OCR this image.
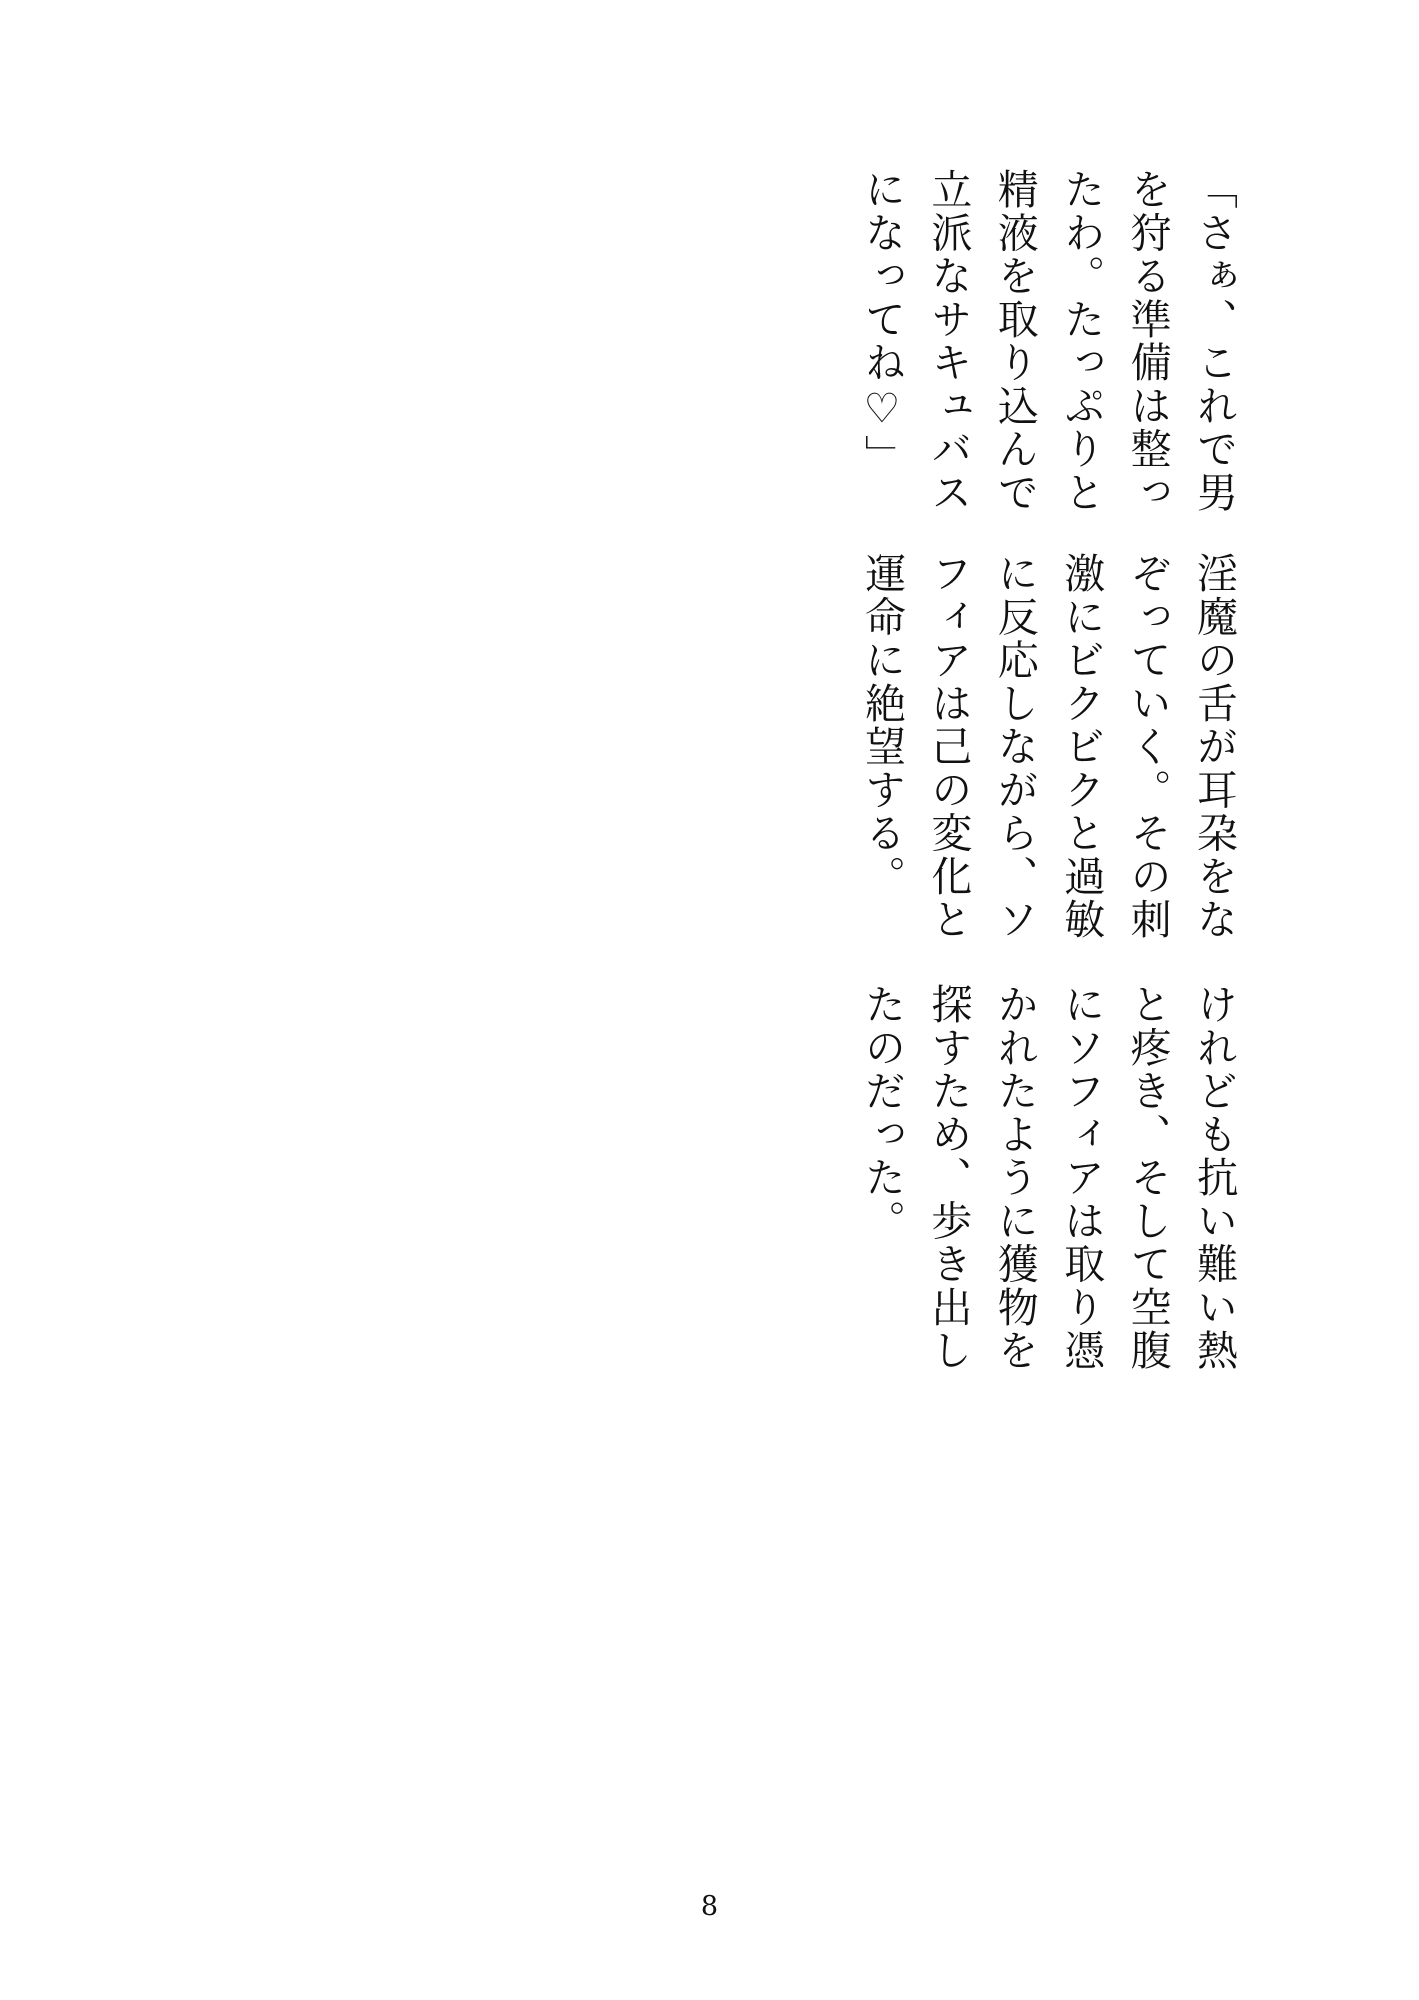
「さぁ、これで男を狩る準備は整ったわ。たっぷりと精液を取り込んで立派なサキュバスになってね♡」
淫魔の舌が耳朶をなぞっていく。その刺激にビクビクと過敏に反応しながら、ソフィアは己の変化と運命に絶望する。
けれども抗い難い熱と疼き、そして空腹にソフィアは取り憑かれたように獲物を探すため、歩き出したのだった。
8
